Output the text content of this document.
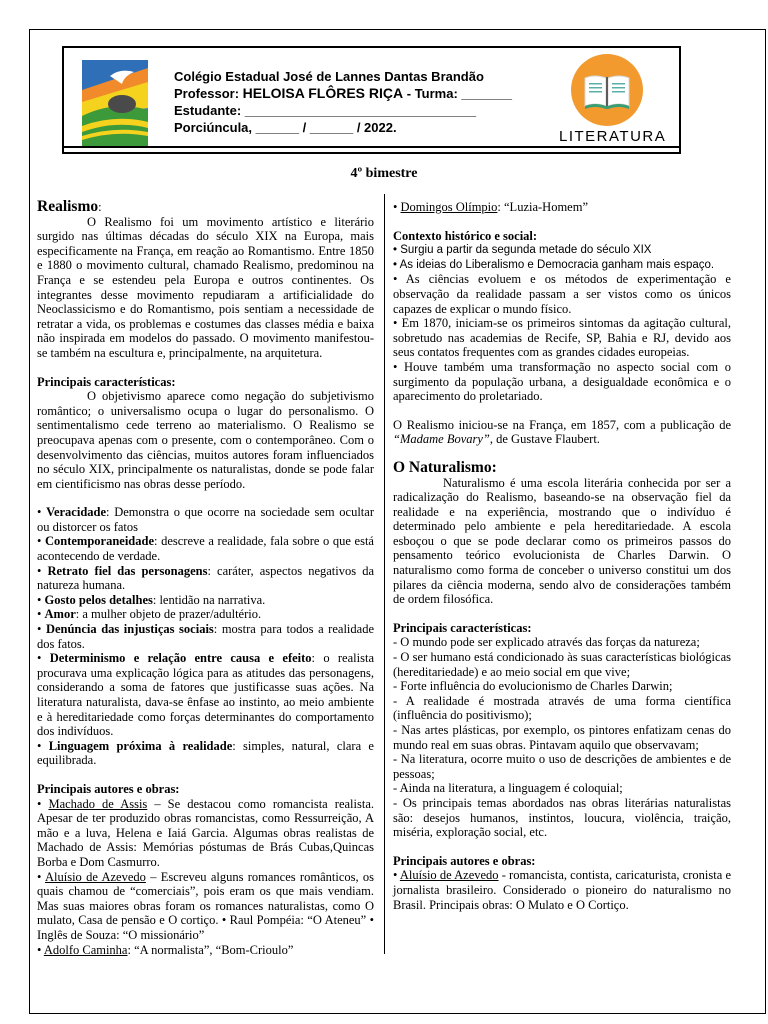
Colégio Estadual José de Lannes Dantas Brandão
Professor: HELOISA FLÔRES RIÇA - Turma: _______
Estudante: ________________________________
Porciúncula, ______ / ______ / 2022.
LITERATURA
4º bimestre

Realismo:

O Realismo foi um movimento artístico e literário surgido nas últimas décadas do século XIX na Europa, mais especificamente na França, em reação ao Romantismo. Entre 1850 e 1880 o movimento cultural, chamado Realismo, predominou na França e se estendeu pela Europa e outros continentes. Os integrantes desse movimento repudiaram a artificialidade do Neoclassicismo e do Romantismo, pois sentiam a necessidade de retratar a vida, os problemas e costumes das classes média e baixa não inspirada em modelos do passado. O movimento manifestou-se também na escultura e, principalmente, na arquitetura.

Principais características:

O objetivismo aparece como negação do subjetivismo romântico; o universalismo ocupa o lugar do personalismo. O sentimentalismo cede terreno ao materialismo. O Realismo se preocupava apenas com o presente, com o contemporâneo. Com o desenvolvimento das ciências, muitos autores foram influenciados no século XIX, principalmente os naturalistas, donde se pode falar em cientificismo nas obras desse período.

• Veracidade: Demonstra o que ocorre na sociedade sem ocultar ou distorcer os fatos

• Contemporaneidade: descreve a realidade, fala sobre o que está acontecendo de verdade.

• Retrato fiel das personagens: caráter, aspectos negativos da natureza humana.

• Gosto pelos detalhes: lentidão na narrativa.

• Amor: a mulher objeto de prazer/adultério.

• Denúncia das injustiças sociais: mostra para todos a realidade dos fatos.

• Determinismo e relação entre causa e efeito: o realista procurava uma explicação lógica para as atitudes das personagens, considerando a soma de fatores que justificasse suas ações. Na literatura naturalista, dava-se ênfase ao instinto, ao meio ambiente e à hereditariedade como forças determinantes do comportamento dos indivíduos.

• Linguagem próxima à realidade: simples, natural, clara e equilibrada.

Principais autores e obras:

• Machado de Assis – Se destacou como romancista realista. Apesar de ter produzido obras romancistas, como Ressurreição, A mão e a luva, Helena e Iaiá Garcia. Algumas obras realistas de Machado de Assis: Memórias póstumas de Brás Cubas,Quincas Borba e Dom Casmurro.

• Aluísio de Azevedo – Escreveu alguns romances românticos, os quais chamou de “comerciais”, pois eram os que mais vendiam. Mas suas maiores obras foram os romances naturalistas, como O mulato, Casa de pensão e O cortiço. • Raul Pompéia: “O Ateneu” • Inglês de Souza: “O missionário”

• Adolfo Caminha: “A normalista”, “Bom-Crioulo”

• Domingos Olímpio: “Luzia-Homem”

Contexto histórico e social:

• Surgiu a partir da segunda metade do século XIX

• As ideias do Liberalismo e Democracia ganham mais espaço.

• As ciências evoluem e os métodos de experimentação e observação da realidade passam a ser vistos como os únicos capazes de explicar o mundo físico.

• Em 1870, iniciam-se os primeiros sintomas da agitação cultural, sobretudo nas academias de Recife, SP, Bahia e RJ, devido aos seus contatos frequentes com as grandes cidades europeias.

• Houve também uma transformação no aspecto social com o surgimento da população urbana, a desigualdade econômica e o aparecimento do proletariado.

O Realismo iniciou-se na França, em 1857, com a publicação de “Madame Bovary”, de Gustave Flaubert.

O Naturalismo:

Naturalismo é uma escola literária conhecida por ser a radicalização do Realismo, baseando-se na observação fiel da realidade e na experiência, mostrando que o indivíduo é determinado pelo ambiente e pela hereditariedade. A escola esboçou o que se pode declarar como os primeiros passos do pensamento teórico evolucionista de Charles Darwin. O naturalismo como forma de conceber o universo constitui um dos pilares da ciência moderna, sendo alvo de considerações também de ordem filosófica.

Principais características:

- O mundo pode ser explicado através das forças da natureza;

- O ser humano está condicionado às suas características biológicas (hereditariedade) e ao meio social em que vive;

- Forte influência do evolucionismo de Charles Darwin;

- A realidade é mostrada através de uma forma científica (influência do positivismo);

- Nas artes plásticas, por exemplo, os pintores enfatizam cenas do mundo real em suas obras. Pintavam aquilo que observavam;

- Na literatura, ocorre muito o uso de descrições de ambientes e de pessoas;

- Ainda na literatura, a linguagem é coloquial;

- Os principais temas abordados nas obras literárias naturalistas são: desejos humanos, instintos, loucura, violência, traição, miséria, exploração social, etc.

Principais autores e obras:

• Aluísio de Azevedo - romancista, contista, caricaturista, cronista e jornalista brasileiro. Considerado o pioneiro do naturalismo no Brasil. Principais obras: O Mulato e O Cortiço.
